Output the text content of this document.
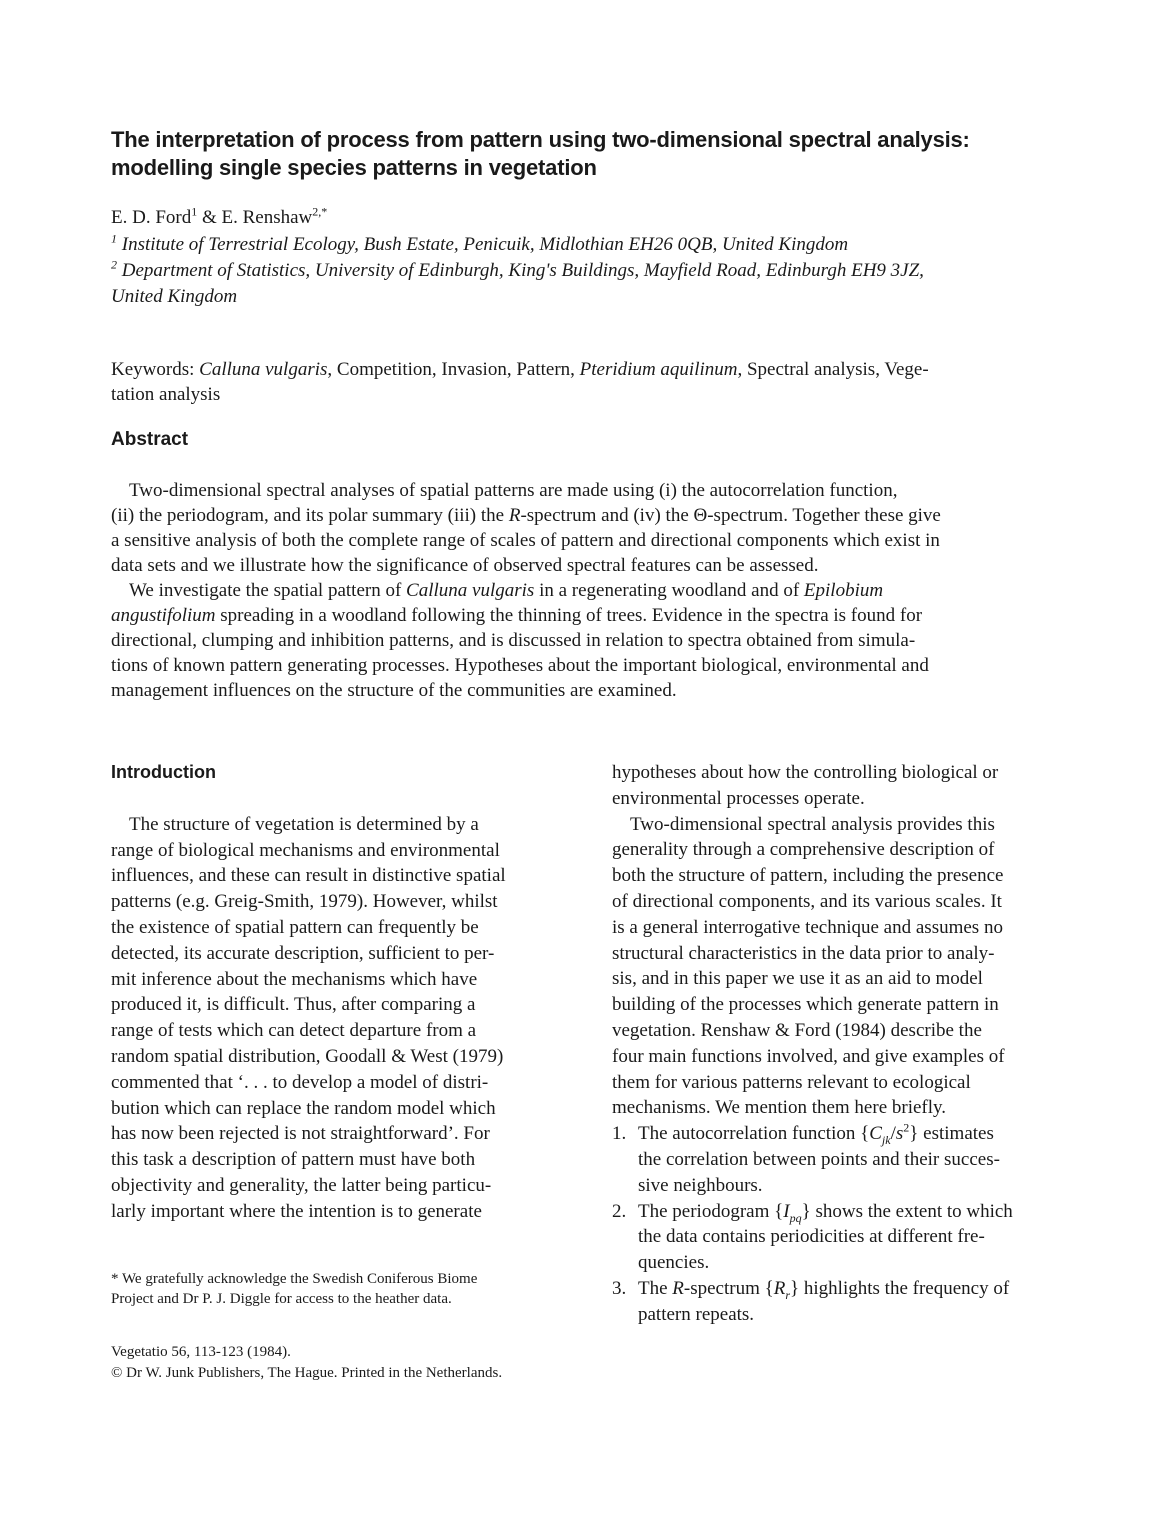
The interpretation of process from pattern using two-dimensional spectral analysis:
modelling single species patterns in vegetation
E. D. Ford$^1$ & E. Renshaw$^{2,*}$
$^1$ Institute of Terrestrial Ecology, Bush Estate, Penicuik, Midlothian EH26 0QB, United Kingdom
$^2$ Department of Statistics, University of Edinburgh, King's Buildings, Mayfield Road, Edinburgh EH9 3JZ,
United Kingdom
Keywords: Calluna vulgaris, Competition, Invasion, Pattern, Pteridium aquilinum, Spectral analysis, Vege-
tation analysis
Abstract
Two-dimensional spectral analyses of spatial patterns are made using (i) the autocorrelation function,
(ii) the periodogram, and its polar summary (iii) the R-spectrum and (iv) the Θ-spectrum. Together these give
a sensitive analysis of both the complete range of scales of pattern and directional components which exist in
data sets and we illustrate how the significance of observed spectral features can be assessed.
We investigate the spatial pattern of Calluna vulgaris in a regenerating woodland and of Epilobium
angustifolium spreading in a woodland following the thinning of trees. Evidence in the spectra is found for
directional, clumping and inhibition patterns, and is discussed in relation to spectra obtained from simula-
tions of known pattern generating processes. Hypotheses about the important biological, environmental and
management influences on the structure of the communities are examined.
Introduction
The structure of vegetation is determined by a
range of biological mechanisms and environmental
influences, and these can result in distinctive spatial
patterns (e.g. Greig-Smith, 1979). However, whilst
the existence of spatial pattern can frequently be
detected, its accurate description, sufficient to per-
mit inference about the mechanisms which have
produced it, is difficult. Thus, after comparing a
range of tests which can detect departure from a
random spatial distribution, Goodall & West (1979)
commented that ‘. . . to develop a model of distri-
bution which can replace the random model which
has now been rejected is not straightforward’. For
this task a description of pattern must have both
objectivity and generality, the latter being particu-
larly important where the intention is to generate
hypotheses about how the controlling biological or
environmental processes operate.
Two-dimensional spectral analysis provides this
generality through a comprehensive description of
both the structure of pattern, including the presence
of directional components, and its various scales. It
is a general interrogative technique and assumes no
structural characteristics in the data prior to analy-
sis, and in this paper we use it as an aid to model
building of the processes which generate pattern in
vegetation. Renshaw & Ford (1984) describe the
four main functions involved, and give examples of
them for various patterns relevant to ecological
mechanisms. We mention them here briefly.
1. The autocorrelation function $\{C_{jk}/s^2\}$ estimates
the correlation between points and their succes-
sive neighbours.
2. The periodogram $\{I_{pq}\}$ shows the extent to which
the data contains periodicities at different fre-
quencies.
3. The R-spectrum $\{R_r\}$ highlights the frequency of
pattern repeats.
* We gratefully acknowledge the Swedish Coniferous Biome
Project and Dr P. J. Diggle for access to the heather data.
Vegetatio 56, 113-123 (1984).
© Dr W. Junk Publishers, The Hague. Printed in the Netherlands.
